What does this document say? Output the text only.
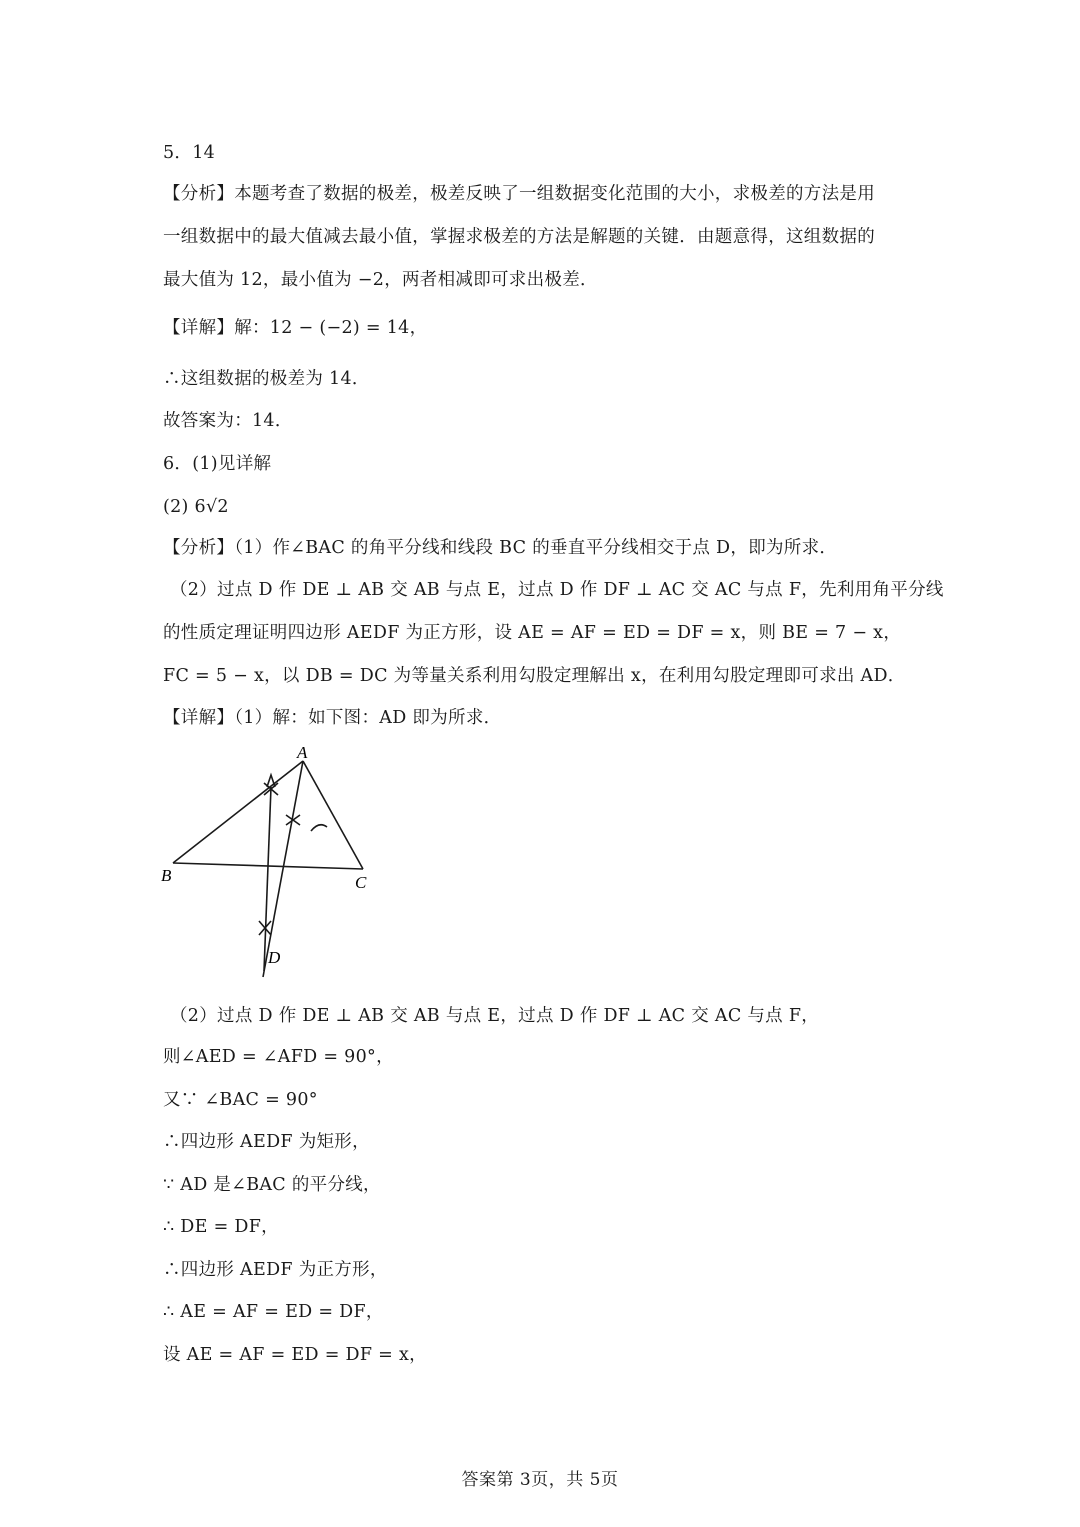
5．14
【分析】本题考查了数据的极差，极差反映了一组数据变化范围的大小，求极差的方法是用
一组数据中的最大值减去最小值，掌握求极差的方法是解题的关键．由题意得，这组数据的
最大值为 12，最小值为 −2，两者相减即可求出极差．
【详解】解：12 − (−2) = 14，
∴这组数据的极差为 14．
故答案为：14．
6．(1)见详解
(2) 6√2
【分析】（1）作∠BAC 的角平分线和线段 BC 的垂直平分线相交于点 D，即为所求．
（2）过点 D 作 DE ⊥ AB 交 AB 与点 E，过点 D 作 DF ⊥ AC 交 AC 与点 F，先利用角平分线
的性质定理证明四边形 AEDF 为正方形，设 AE = AF = ED = DF = x，则 BE = 7 − x，
FC = 5 − x，以 DB = DC 为等量关系利用勾股定理解出 x，在利用勾股定理即可求出 AD．
【详解】（1）解：如下图：AD 即为所求．
A
B	C
D
（2）过点 D 作 DE ⊥ AB 交 AB 与点 E，过点 D 作 DF ⊥ AC 交 AC 与点 F，
则∠AED = ∠AFD = 90°，
又∵ ∠BAC = 90°
∴四边形 AEDF 为矩形，
∵ AD 是∠BAC 的平分线，
∴ DE = DF，
∴四边形 AEDF 为正方形，
∴ AE = AF = ED = DF，
设 AE = AF = ED = DF = x，
答案第 3页，共 5页
